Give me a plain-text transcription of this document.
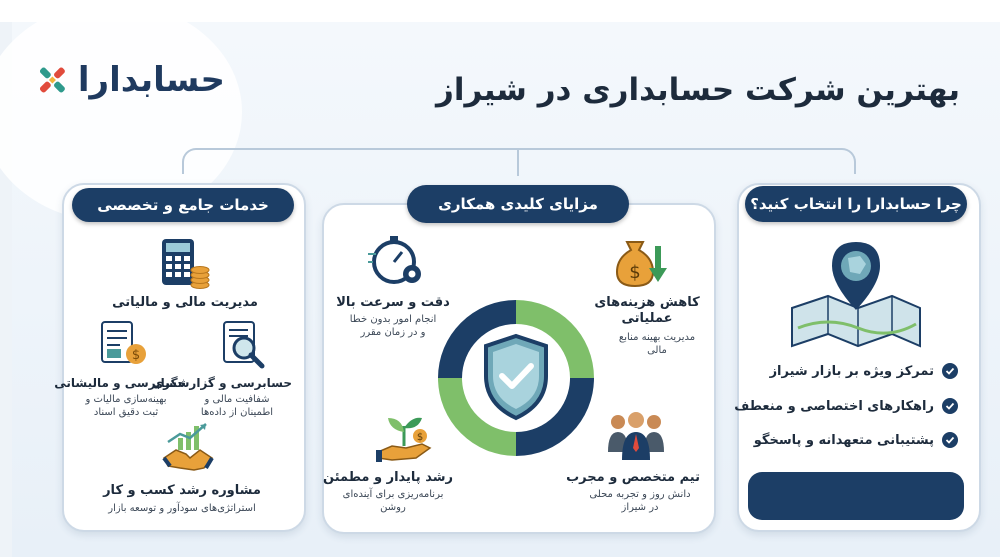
حسابدارا	بهترین شرکت حسابداری در شیراز
خدمات جامع و تخصصی
مدیریت مالی و مالیاتی
$
حسابرسی و مالیشاتی
بهینه‌سازی مالیات و
ثبت دقیق اسناد
حسابرسی و گزارشگری
شفافیت مالی و
اطمینان از داده‌ها
مشاوره رشد کسب و کار
استراتژی‌های سودآور و توسعه بازار
مزایای کلیدی همکاری
دقت و سرعت بالا
انجام امور بدون خطا
و در زمان مقرر
$
کاهش هزینه‌های
عملیاتی
مدیریت بهینه منابع
مالی
$
رشد پایدار و مطمئن
برنامه‌ریزی برای آینده‌ای
روشن
تیم متخصص و مجرب
دانش روز و تجربه محلی
در شیراز
چرا حسابدارا را انتخاب کنید؟
تمرکز ویژه بر بازار شیراز
راهکارهای اختصاصی و منعطف
پشتیبانی متعهدانه و پاسخگو
